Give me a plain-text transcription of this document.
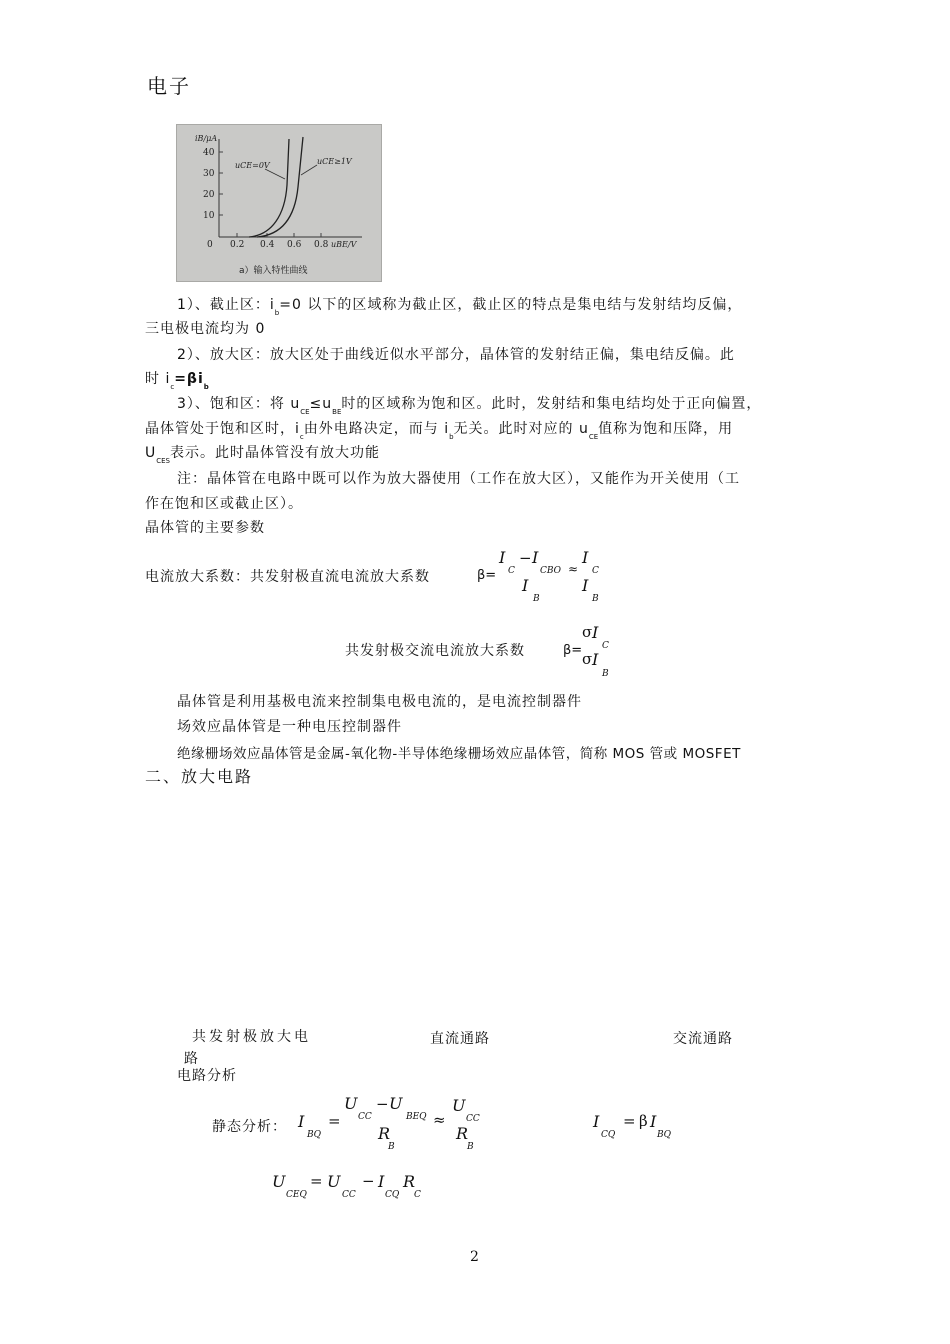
电子
iB/μA
40
30
20
10
0 0.2 0.4 0.6 0.8 uBE/V
uCE=0V	uCE≥1V
a）输入特性曲线
1）、截止区：$i_b=0$ 以下的区域称为截止区，截止区的特点是集电结与发射结均反偏，
三电极电流均为 0
2）、放大区：放大区处于曲线近似水平部分，晶体管的发射结正偏，集电结反偏。此
时 $i_c=\beta i_b$
3）、饱和区：将 $u_{CE}\le u_{BE}$时的区域称为饱和区。此时，发射结和集电结均处于正向偏置，
晶体管处于饱和区时，$i_c$由外电路决定，而与 $i_b$无关。此时对应的 $u_{CE}$值称为饱和压降，用
$U_{CES}$表示。此时晶体管没有放大功能
注：晶体管在电路中既可以作为放大器使用（工作在放大区），又能作为开关使用（工
作在饱和区或截止区）。
晶体管的主要参数
电流放大系数：共发射极直流电流放大系数	β=
I
C
− I
CBO
I
B
≈
I
C
I
B
共发射极交流电流放大系数	β=
σ I
C
σ I
B
晶体管是利用基极电流来控制集电极电流的，是电流控制器件
场效应晶体管是一种电压控制器件
绝缘栅场效应晶体管是金属-氧化物-半导体绝缘栅场效应晶体管，简称 MOS 管或 MOSFET
二、放大电路
共发射极放大电
路
直流通路	交流通路
电路分析
静态分析： I
BQ
=
U
CC
− U
BEQ
R
B
≈
U
CC
R
B
I
CQ
= β I
BQ
U
CEQ
= U
CC
− I
CQ
R
C
2
